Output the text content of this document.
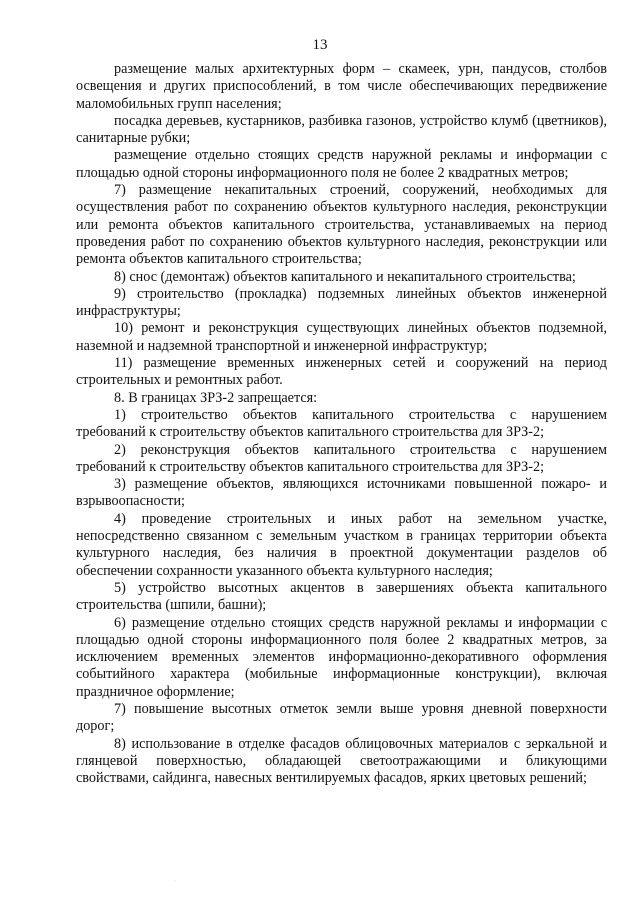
13

размещение малых архитектурных форм – скамеек, урн, пандусов, столбов освещения и других приспособлений, в том числе обеспечивающих передвижение маломобильных групп населения;

посадка деревьев, кустарников, разбивка газонов, устройство клумб (цветников), санитарные рубки;

размещение отдельно стоящих средств наружной рекламы и информации с площадью одной стороны информационного поля не более 2 квадратных метров;

7) размещение некапитальных строений, сооружений, необходимых для осуществления работ по сохранению объектов культурного наследия, реконструкции или ремонта объектов капитального строительства, устанавливаемых на период проведения работ по сохранению объектов культурного наследия, реконструкции или ремонта объектов капитального строительства;

8) снос (демонтаж) объектов капитального и некапитального строительства;

9) строительство (прокладка) подземных линейных объектов инженерной инфраструктуры;

10) ремонт и реконструкция существующих линейных объектов подземной, наземной и надземной транспортной и инженерной инфраструктур;

11) размещение временных инженерных сетей и сооружений на период строительных и ремонтных работ.

8. В границах ЗРЗ-2 запрещается:

1) строительство объектов капитального строительства с нарушением требований к строительству объектов капитального строительства для ЗРЗ-2;

2) реконструкция объектов капитального строительства с нарушением требований к строительству объектов капитального строительства для ЗРЗ-2;

3) размещение объектов, являющихся источниками повышенной пожаро- и взрывоопасности;

4) проведение строительных и иных работ на земельном участке, непосредственно связанном с земельным участком в границах территории объекта культурного наследия, без наличия в проектной документации разделов об обеспечении сохранности указанного объекта культурного наследия;

5) устройство высотных акцентов в завершениях объекта капитального строительства (шпили, башни);

6) размещение отдельно стоящих средств наружной рекламы и информации с площадью одной стороны информационного поля более 2 квадратных метров, за исключением временных элементов информационно-декоративного оформления событийного характера (мобильные информационные конструкции), включая праздничное оформление;

7) повышение высотных отметок земли выше уровня дневной поверхности дорог;

8) использование в отделке фасадов облицовочных материалов с зеркальной и глянцевой поверхностью, обладающей светоотражающими и бликующими свойствами, сайдинга, навесных вентилируемых фасадов, ярких цветовых решений;

·
